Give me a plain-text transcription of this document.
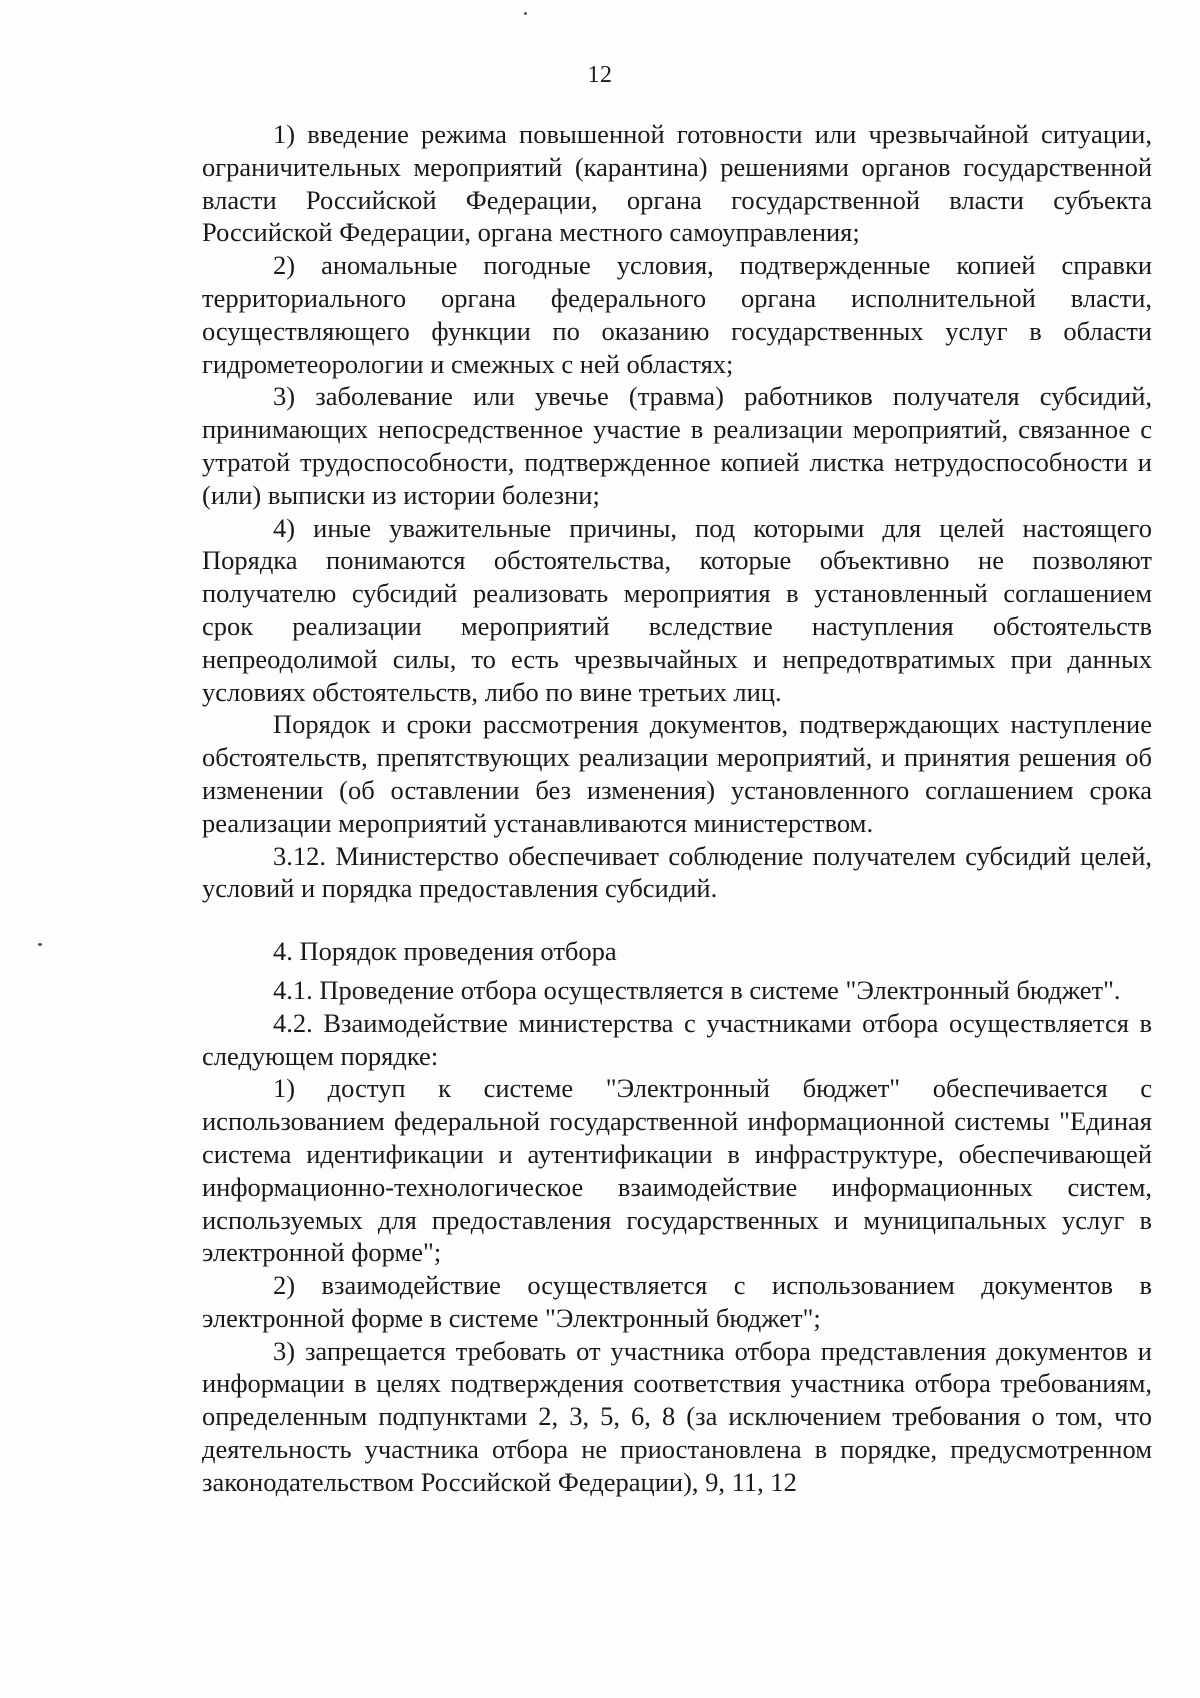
12

1) введение режима повышенной готовности или чрезвычайной ситуации, ограничительных мероприятий (карантина) решениями органов государственной власти Российской Федерации, органа государственной власти субъекта Российской Федерации, органа местного самоуправления;

2) аномальные погодные условия, подтвержденные копией справки территориального органа федерального органа исполнительной власти, осуществляющего функции по оказанию государственных услуг в области гидрометеорологии и смежных с ней областях;

3) заболевание или увечье (травма) работников получателя субсидий, принимающих непосредственное участие в реализации мероприятий, связанное с утратой трудоспособности, подтвержденное копией листка нетрудоспособности и (или) выписки из истории болезни;

4) иные уважительные причины, под которыми для целей настоящего Порядка понимаются обстоятельства, которые объективно не позволяют получателю субсидий реализовать мероприятия в установленный соглашением срок реализации мероприятий вследствие наступления обстоятельств непреодолимой силы, то есть чрезвычайных и непредотвратимых при данных условиях обстоятельств, либо по вине третьих лиц.

Порядок и сроки рассмотрения документов, подтверждающих наступление обстоятельств, препятствующих реализации мероприятий, и принятия решения об изменении (об оставлении без изменения) установленного соглашением срока реализации мероприятий устанавливаются министерством.

3.12. Министерство обеспечивает соблюдение получателем субсидий целей, условий и порядка предоставления субсидий.

4. Порядок проведения отбора

4.1. Проведение отбора осуществляется в системе "Электронный бюджет".

4.2. Взаимодействие министерства с участниками отбора осуществляется в следующем порядке:

1) доступ к системе "Электронный бюджет" обеспечивается с использованием федеральной государственной информационной системы "Единая система идентификации и аутентификации в инфраструктуре, обеспечивающей информационно-технологическое взаимодействие информационных систем, используемых для предоставления государственных и муниципальных услуг в электронной форме";

2) взаимодействие осуществляется с использованием документов в электронной форме в системе "Электронный бюджет";

3) запрещается требовать от участника отбора представления документов и информации в целях подтверждения соответствия участника отбора требованиям, определенным подпунктами 2, 3, 5, 6, 8 (за исключением требования о том, что деятельность участника отбора не приостановлена в порядке, предусмотренном законодательством Российской Федерации), 9, 11, 12
